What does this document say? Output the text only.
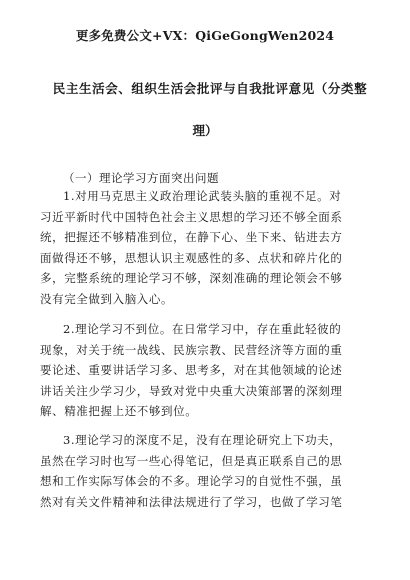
更多免费公文+VX：QiGeGongWen2024
民主生活会、组织生活会批评与自我批评意见（分类整
理）
（一）理论学习方面突出问题
1.对用马克思主义政治理论武装头脑的重视不足。对
习近平新时代中国特色社会主义思想的学习还不够全面系
统，把握还不够精准到位，在静下心、坐下来、钻进去方
面做得还不够，思想认识主观感性的多、点状和碎片化的
多，完整系统的理论学习不够，深刻准确的理论领会不够
没有完全做到入脑入心。
2.理论学习不到位。在日常学习中，存在重此轻彼的
现象，对关于统一战线、民族宗教、民营经济等方面的重
要论述、重要讲话学习多、思考多，对在其他领域的论述
讲话关注少学习少，导致对党中央重大决策部署的深刻理
解、精准把握上还不够到位。
3.理论学习的深度不足，没有在理论研究上下功夫，
虽然在学习时也写一些心得笔记，但是真正联系自己的思
想和工作实际写体会的不多。理论学习的自觉性不强，虽
然对有关文件精神和法律法规进行了学习，也做了学习笔
